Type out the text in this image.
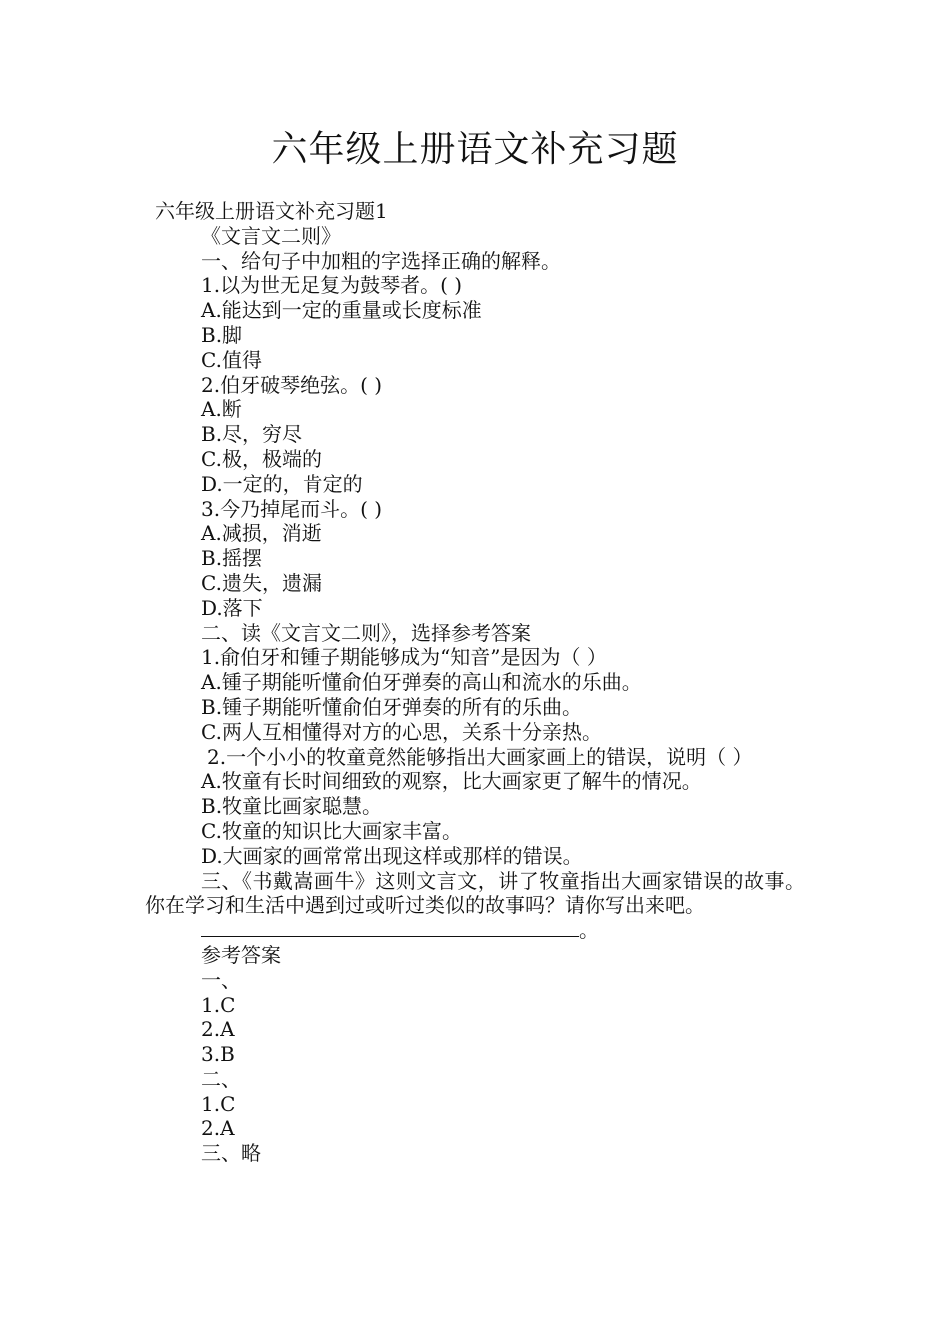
六年级上册语文补充习题
六年级上册语文补充习题1
《文言文二则》
一、给句子中加粗的字选择正确的解释。
1.以为世无足复为鼓琴者。( )
A.能达到一定的重量或长度标准
B.脚
C.值得
2.伯牙破琴绝弦。( )
A.断
B.尽，穷尽
C.极，极端的
D.一定的，肯定的
3.今乃掉尾而斗。( )
A.减损，消逝
B.摇摆
C.遗失，遗漏
D.落下
二、读《文言文二则》，选择参考答案
1.俞伯牙和锺子期能够成为“知音”是因为（ ）
A.锺子期能听懂俞伯牙弹奏的高山和流水的乐曲。
B.锺子期能听懂俞伯牙弹奏的所有的乐曲。
C.两人互相懂得对方的心思，关系十分亲热。
2.一个小小的牧童竟然能够指出大画家画上的错误，说明（ ）
A.牧童有长时间细致的观察，比大画家更了解牛的情况。
B.牧童比画家聪慧。
C.牧童的知识比大画家丰富。
D.大画家的画常常出现这样或那样的错误。
三、《书戴嵩画牛》这则文言文，讲了牧童指出大画家错误的故事。你在学习和生活中遇到过或听过类似的故事吗？请你写出来吧。
。
参考答案
一、
1.C
2.A
3.B
二、
1.C
2.A
三、略
